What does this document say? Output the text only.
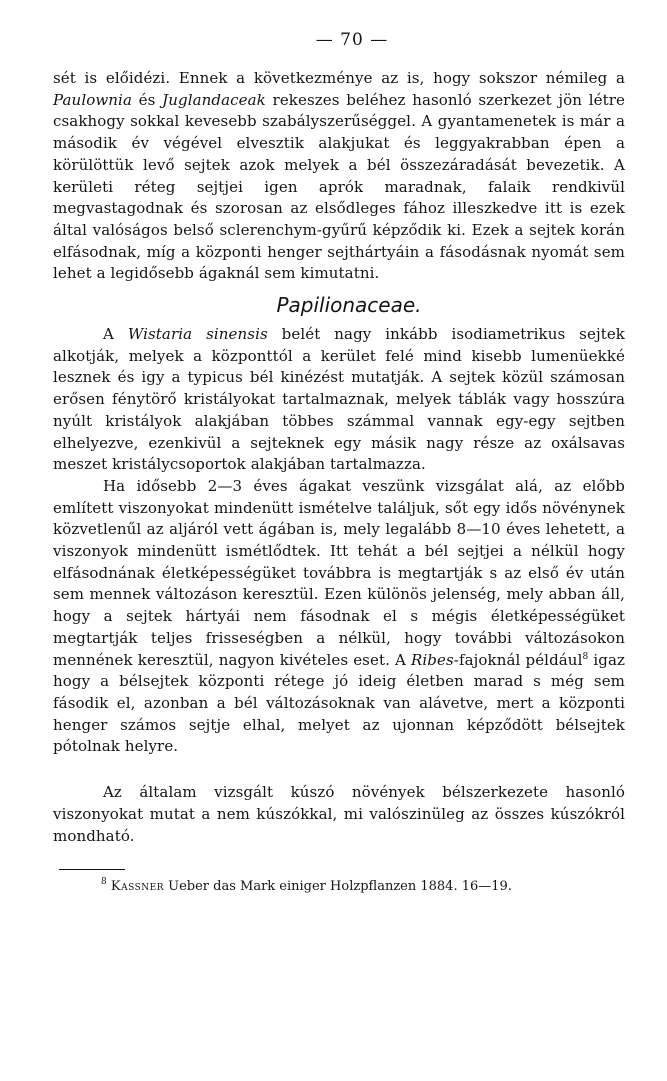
— 70 —

sét is előidézi. Ennek a következménye az is, hogy sokszor némileg a Paulownia és Juglandaceak rekeszes beléhez hasonló szerkezet jön létre csakhogy sokkal kevesebb szabályszerűséggel. A gyantamenetek is már a második év végével elvesztik alakjukat és leggyakrabban épen a körülöttük levő sejtek azok melyek a bél összezáradását bevezetik. A kerületi réteg sejtjei igen aprók maradnak, falaik rendkivül megvastagodnak és szorosan az elsődleges fához illeszkedve itt is ezek által valóságos belső sclerenchym-gyűrű képződik ki. Ezek a sejtek korán elfásodnak, míg a központi henger sejthártyáin a fásodásnak nyomát sem lehet a legidősebb ágaknál sem kimutatni.

Papilionaceae.

A Wistaria sinensis belét nagy inkább isodiametrikus sejtek alkotják, melyek a központtól a kerület felé mind kisebb lumenüekké lesznek és igy a typicus bél kinézést mutatják. A sejtek közül számosan erősen fénytörő kristályokat tartalmaznak, melyek táblák vagy hosszúra nyúlt kristályok alakjában többes számmal vannak egy-egy sejtben elhelyezve, ezenkivül a sejteknek egy másik nagy része az oxálsavas meszet kristálycsoportok alakjában tartalmazza.

Ha idősebb 2—3 éves ágakat veszünk vizsgálat alá, az előbb említett viszonyokat mindenütt ismételve találjuk, sőt egy idős növénynek közvetlenűl az aljáról vett ágában is, mely legalább 8—10 éves lehetett, a viszonyok mindenütt ismétlődtek. Itt tehát a bél sejtjei a nélkül hogy elfásodnának életképességüket továbbra is megtartják s az első év után sem mennek változáson keresztül. Ezen különös jelenség, mely abban áll, hogy a sejtek hártyái nem fásodnak el s mégis életképességüket megtartják teljes frisseségben a nélkül, hogy további változásokon mennének keresztül, nagyon kivételes eset. A Ribes-fajoknál például$^8$ igaz hogy a bélsejtek központi rétege jó ideig életben marad s még sem fásodik el, azonban a bél változásoknak van alávetve, mert a központi henger számos sejtje elhal, melyet az ujonnan képződött bélsejtek pótolnak helyre.

Az általam vizsgált kúszó növények bélszerkezete hasonló viszonyokat mutat a nem kúszókkal, mi valószinüleg az összes kúszókról mondható.

$^8$ Kassner Ueber das Mark einiger Holzpflanzen 1884. 16—19.
